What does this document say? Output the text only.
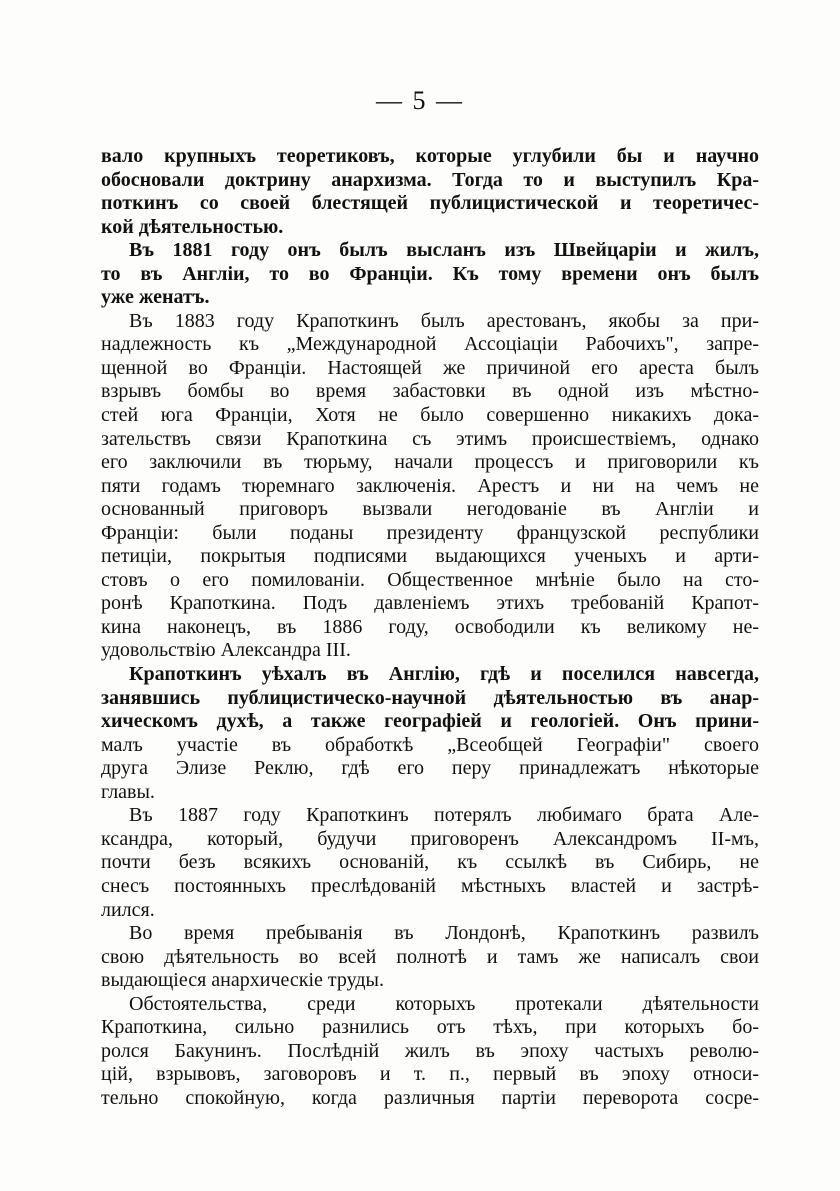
— 5 —
вало крупныхъ теоретиковъ, которые углубили бы и научно
обосновали доктрину анархизма. Тогда то и выступилъ Кра-
поткинъ со своей блестящей публицистической и теоретичес-
кой дѣятельностью.
Въ 1881 году онъ былъ высланъ изъ Швейцаріи и жилъ,
то въ Англіи, то во Франціи. Къ тому времени онъ былъ
уже женатъ.
Въ 1883 году Крапоткинъ былъ арестованъ, якобы за при-
надлежность къ „Международной Ассоціаціи Рабочихъ", запре-
щенной во Франціи. Настоящей же причиной его ареста былъ
взрывъ бомбы во время забастовки въ одной изъ мѣстно-
стей юга Франціи, Хотя не было совершенно никакихъ дока-
зательствъ связи Крапоткина съ этимъ происшествіемъ, однако
его заключили въ тюрьму, начали процессъ и приговорили къ
пяти годамъ тюремнаго заключенія. Арестъ и ни на чемъ не
основанный приговоръ вызвали негодованіе въ Англіи и
Франціи: были поданы президенту французской республики
петиціи, покрытыя подписями выдающихся ученыхъ и арти-
стовъ о его помилованіи. Общественное мнѣніе было на сто-
ронѣ Крапоткина. Подъ давленіемъ этихъ требованій Крапот-
кина наконецъ, въ 1886 году, освободили къ великому не-
удовольствію Александра III.
Крапоткинъ уѣхалъ въ Англію, гдѣ и поселился навсегда,
занявшись публицистическо-научной дѣятельностью въ анар-
хическомъ духѣ, а также географіей и геологіей. Онъ прини-
малъ участіе въ обработкѣ „Всеобщей Географіи" своего
друга Элизе Реклю, гдѣ его перу принадлежатъ нѣкоторые
главы.
Въ 1887 году Крапоткинъ потерялъ любимаго брата Але-
ксандра, который, будучи приговоренъ Александромъ II-мъ,
почти безъ всякихъ основаній, къ ссылкѣ въ Сибирь, не
снесъ постоянныхъ преслѣдованій мѣстныхъ властей и застрѣ-
лился.
Во время пребыванія въ Лондонѣ, Крапоткинъ развилъ
свою дѣятельность во всей полнотѣ и тамъ же написалъ свои
выдающіеся анархическіе труды.
Обстоятельства, среди которыхъ протекали дѣятельности
Крапоткина, сильно разнились отъ тѣхъ, при которыхъ бо-
ролся Бакунинъ. Послѣдній жилъ въ эпоху частыхъ револю-
цій, взрывовъ, заговоровъ и т. п., первый въ эпоху относи-
тельно спокойную, когда различныя партіи переворота сосре-
